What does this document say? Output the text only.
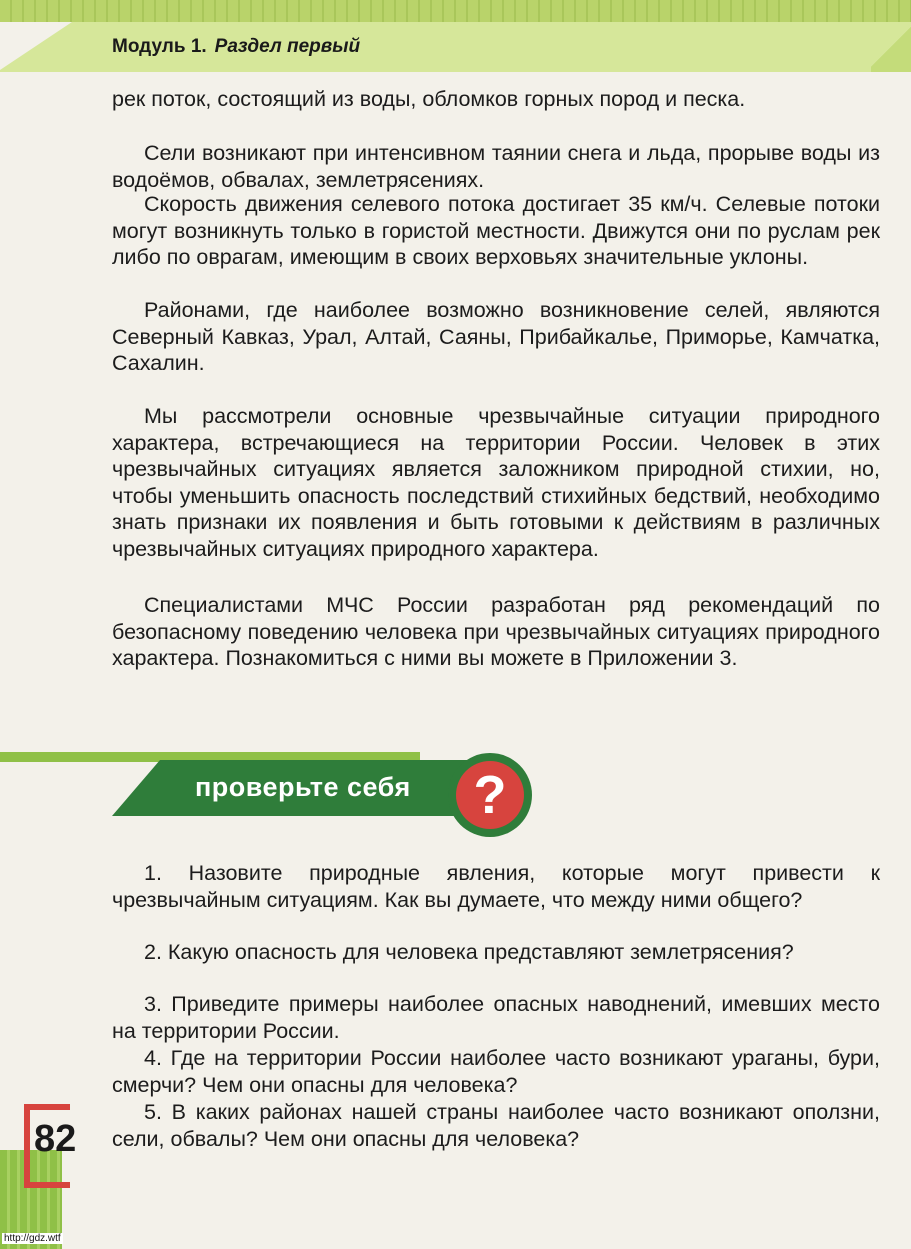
Модуль 1. Раздел первый

рек поток, состоящий из воды, обломков горных пород и песка.

Сели возникают при интенсивном таянии снега и льда, прорыве воды из водоёмов, обвалах, землетрясениях.

Скорость движения селевого потока достигает 35 км/ч. Селевые потоки могут возникнуть только в гористой местности. Движутся они по руслам рек либо по оврагам, имеющим в своих верховьях значительные уклоны.

Районами, где наиболее возможно возникновение селей, являются Северный Кавказ, Урал, Алтай, Саяны, Прибайкалье, Приморье, Камчатка, Сахалин.

Мы рассмотрели основные чрезвычайные ситуации природного характера, встречающиеся на территории России. Человек в этих чрезвычайных ситуациях является заложником природной стихии, но, чтобы уменьшить опасность последствий стихийных бедствий, необходимо знать признаки их появления и быть готовыми к действиям в различных чрезвычайных ситуациях природного характера.

Специалистами МЧС России разработан ряд рекомендаций по безопасному поведению человека при чрезвычайных ситуациях природного характера. Познакомиться с ними вы можете в Приложении 3.

проверьте себя	?

1. Назовите природные явления, которые могут привести к чрезвычайным ситуациям. Как вы думаете, что между ними общего?

2. Какую опасность для человека представляют землетрясения?

3. Приведите примеры наиболее опасных наводнений, имевших место на территории России.

4. Где на территории России наиболее часто возникают ураганы, бури, смерчи? Чем они опасны для человека?

5. В каких районах нашей страны наиболее часто возникают оползни, сели, обвалы? Чем они опасны для человека?

82
http://gdz.wtf
